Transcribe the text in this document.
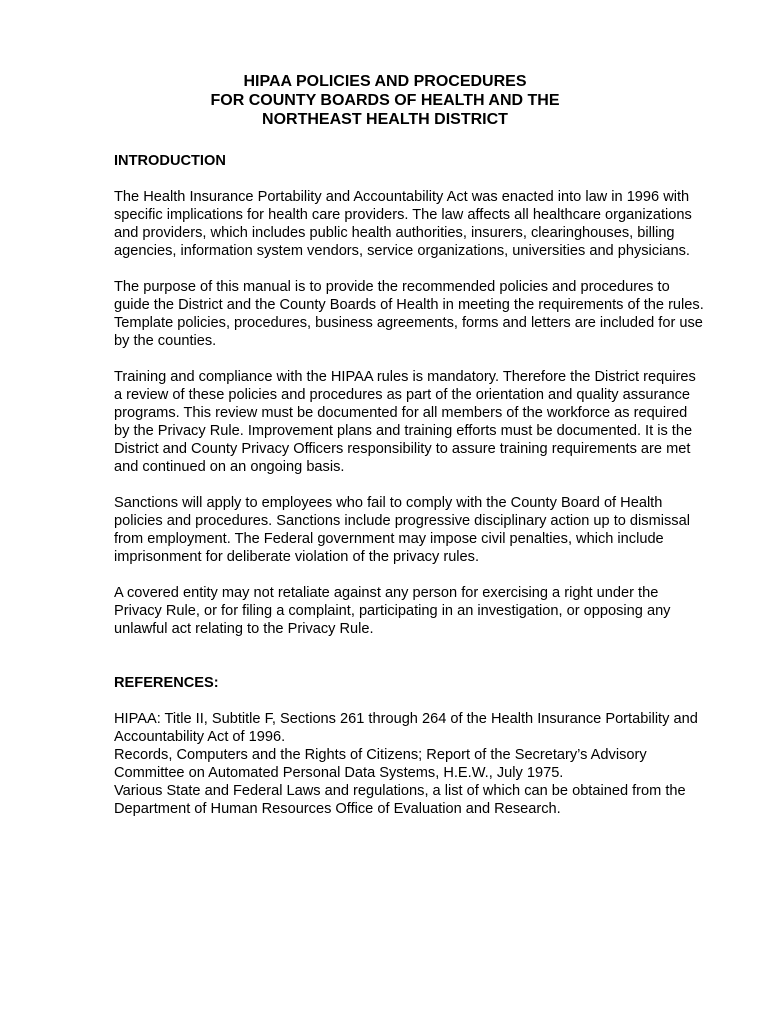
HIPAA POLICIES AND PROCEDURES
FOR COUNTY BOARDS OF HEALTH AND THE
NORTHEAST HEALTH DISTRICT

INTRODUCTION

The Health Insurance Portability and Accountability Act was enacted into law in 1996 with
specific implications for health care providers. The law affects all healthcare organizations
and providers, which includes public health authorities, insurers, clearinghouses, billing
agencies, information system vendors, service organizations, universities and physicians.

The purpose of this manual is to provide the recommended policies and procedures to
guide the District and the County Boards of Health in meeting the requirements of the rules.
Template policies, procedures, business agreements, forms and letters are included for use
by the counties.

Training and compliance with the HIPAA rules is mandatory. Therefore the District requires
a review of these policies and procedures as part of the orientation and quality assurance
programs. This review must be documented for all members of the workforce as required
by the Privacy Rule. Improvement plans and training efforts must be documented. It is the
District and County Privacy Officers responsibility to assure training requirements are met
and continued on an ongoing basis.

Sanctions will apply to employees who fail to comply with the County Board of Health
policies and procedures. Sanctions include progressive disciplinary action up to dismissal
from employment. The Federal government may impose civil penalties, which include
imprisonment for deliberate violation of the privacy rules.

A covered entity may not retaliate against any person for exercising a right under the
Privacy Rule, or for filing a complaint, participating in an investigation, or opposing any
unlawful act relating to the Privacy Rule.

REFERENCES:

HIPAA: Title II, Subtitle F, Sections 261 through 264 of the Health Insurance Portability and
Accountability Act of 1996.
Records, Computers and the Rights of Citizens; Report of the Secretary’s Advisory
Committee on Automated Personal Data Systems, H.E.W., July 1975.
Various State and Federal Laws and regulations, a list of which can be obtained from the
Department of Human Resources Office of Evaluation and Research.
